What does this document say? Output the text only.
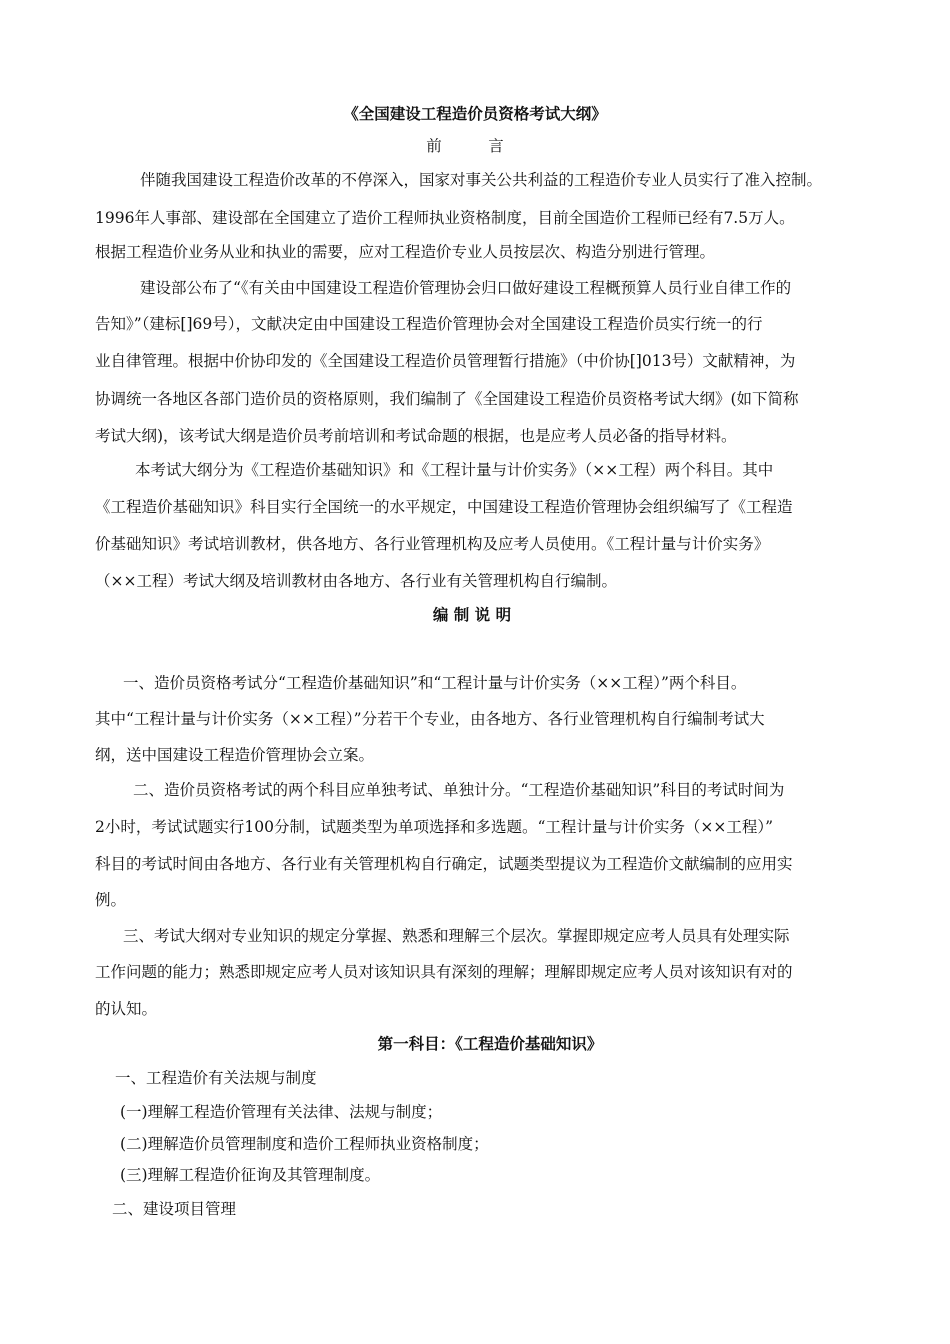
《全国建设工程造价员资格考试大纲》
前　　　言
伴随我国建设工程造价改革的不停深入，国家对事关公共利益的工程造价专业人员实行了准入控制。
1996年人事部、建设部在全国建立了造价工程师执业资格制度，目前全国造价工程师已经有7.5万人。
根据工程造价业务从业和执业的需要，应对工程造价专业人员按层次、构造分别进行管理。
建设部公布了“《有关由中国建设工程造价管理协会归口做好建设工程概预算人员行业自律工作的
告知》”（建标[]69号），文献决定由中国建设工程造价管理协会对全国建设工程造价员实行统一的行
业自律管理。根据中价协印发的《全国建设工程造价员管理暂行措施》（中价协[]013号）文献精神，为
协调统一各地区各部门造价员的资格原则，我们编制了《全国建设工程造价员资格考试大纲》(如下简称
考试大纲)，该考试大纲是造价员考前培训和考试命题的根据，也是应考人员必备的指导材料。
本考试大纲分为《工程造价基础知识》和《工程计量与计价实务》（××工程）两个科目。其中
《工程造价基础知识》科目实行全国统一的水平规定，中国建设工程造价管理协会组织编写了《工程造
价基础知识》考试培训教材，供各地方、各行业管理机构及应考人员使用。《工程计量与计价实务》
（××工程）考试大纲及培训教材由各地方、各行业有关管理机构自行编制。
编 制 说 明
一、造价员资格考试分“工程造价基础知识”和“工程计量与计价实务（××工程）”两个科目。
其中“工程计量与计价实务（××工程）”分若干个专业，由各地方、各行业管理机构自行编制考试大
纲，送中国建设工程造价管理协会立案。
二、造价员资格考试的两个科目应单独考试、单独计分。“工程造价基础知识”科目的考试时间为
2小时，考试试题实行100分制，试题类型为单项选择和多选题。“工程计量与计价实务（××工程）”
科目的考试时间由各地方、各行业有关管理机构自行确定，试题类型提议为工程造价文献编制的应用实
例。
三、考试大纲对专业知识的规定分掌握、熟悉和理解三个层次。掌握即规定应考人员具有处理实际
工作问题的能力；熟悉即规定应考人员对该知识具有深刻的理解；理解即规定应考人员对该知识有对的
的认知。
第一科目：《工程造价基础知识》
一、工程造价有关法规与制度
(一)理解工程造价管理有关法律、法规与制度；
(二)理解造价员管理制度和造价工程师执业资格制度；
(三)理解工程造价征询及其管理制度。
二、建设项目管理
